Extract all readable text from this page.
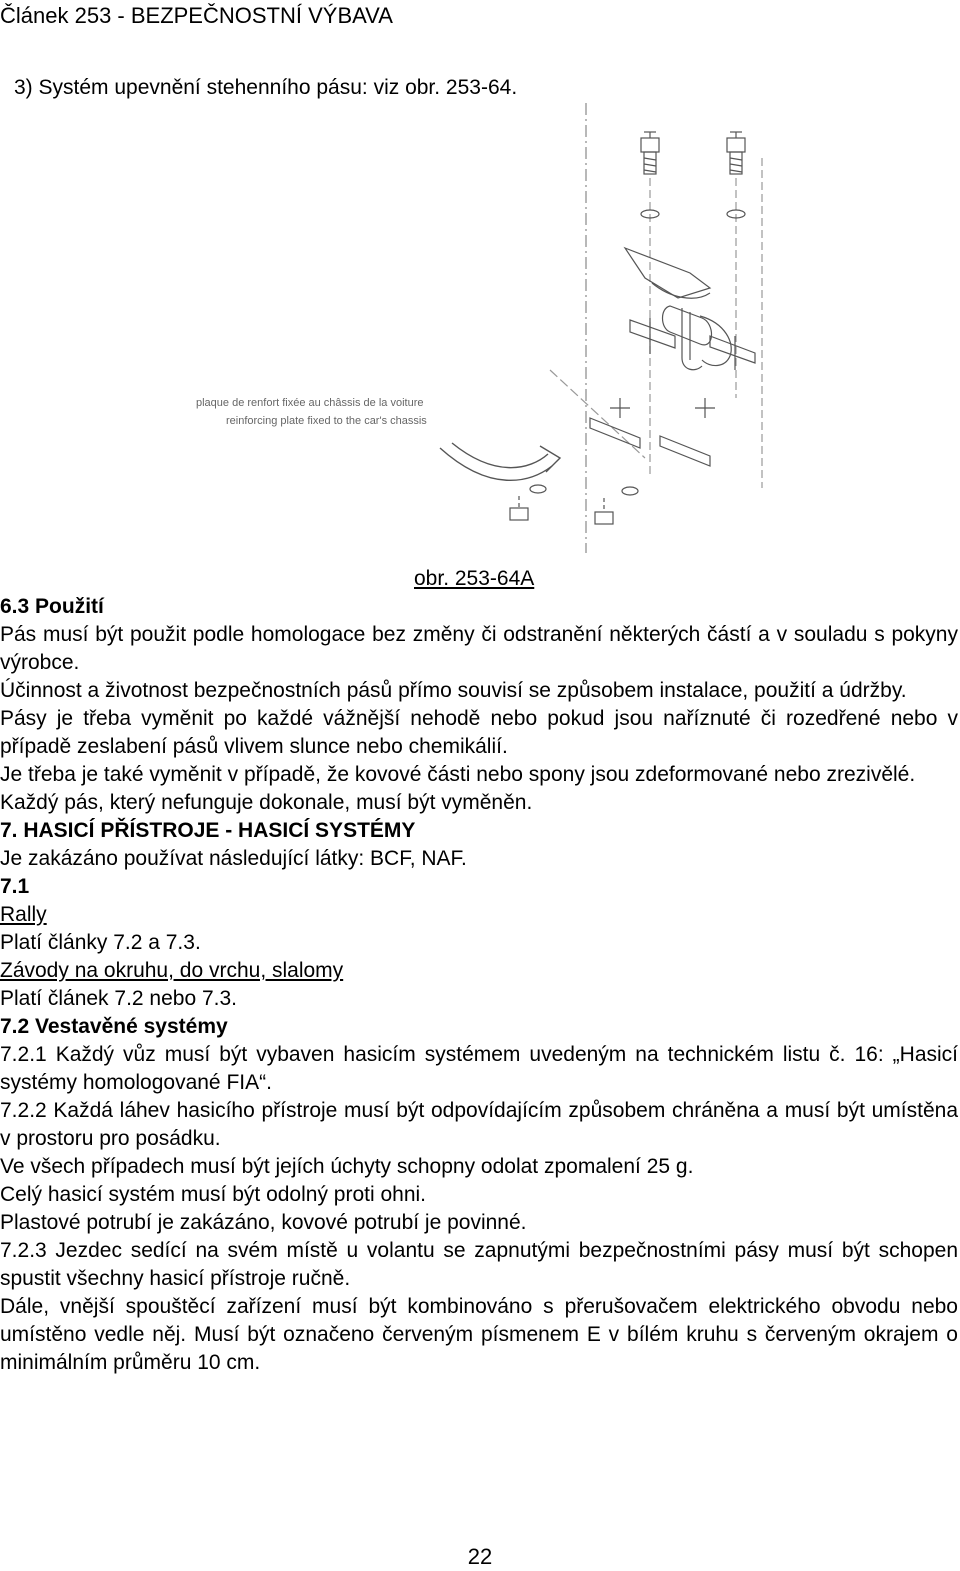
Článek 253 - BEZPEČNOSTNÍ VÝBAVA
3) Systém upevnění stehenního pásu: viz obr. 253-64.
plaque de renfort fixée au châssis de la voiture
reinforcing plate fixed to the car's chassis
obr. 253-64A

6.3 Použití

Pás musí být použit podle homologace bez změny či odstranění některých částí a v souladu s pokyny výrobce.

Účinnost a životnost bezpečnostních pásů přímo souvisí se způsobem instalace, použití a údržby.

Pásy je třeba vyměnit po každé vážnější nehodě nebo pokud jsou naříznuté či rozedřené nebo v případě zeslabení pásů vlivem slunce nebo chemikálií.

Je třeba je také vyměnit v případě, že kovové části nebo spony jsou zdeformované nebo zrezivělé.

Každý pás, který nefunguje dokonale, musí být vyměněn.

7. HASICÍ PŘÍSTROJE - HASICÍ SYSTÉMY

Je zakázáno používat následující látky: BCF, NAF.

7.1

Rally

Platí články 7.2 a 7.3.

Závody na okruhu, do vrchu, slalomy

Platí článek 7.2 nebo 7.3.

7.2 Vestavěné systémy

7.2.1 Každý vůz musí být vybaven hasicím systémem uvedeným na technickém listu č. 16: „Hasicí systémy homologované FIA“.

7.2.2 Každá láhev hasicího přístroje musí být odpovídajícím způsobem chráněna a musí být umístěna v prostoru pro posádku.

Ve všech případech musí být jejích úchyty schopny odolat zpomalení 25 g.

Celý hasicí systém musí být odolný proti ohni.

Plastové potrubí je zakázáno, kovové potrubí je povinné.

7.2.3 Jezdec sedící na svém místě u volantu se zapnutými bezpečnostními pásy musí být schopen spustit všechny hasicí přístroje ručně.

Dále, vnější spouštěcí zařízení musí být kombinováno s přerušovačem elektrického obvodu nebo umístěno vedle něj. Musí být označeno červeným písmenem E v bílém kruhu s červeným okrajem o minimálním průměru 10 cm.

22
